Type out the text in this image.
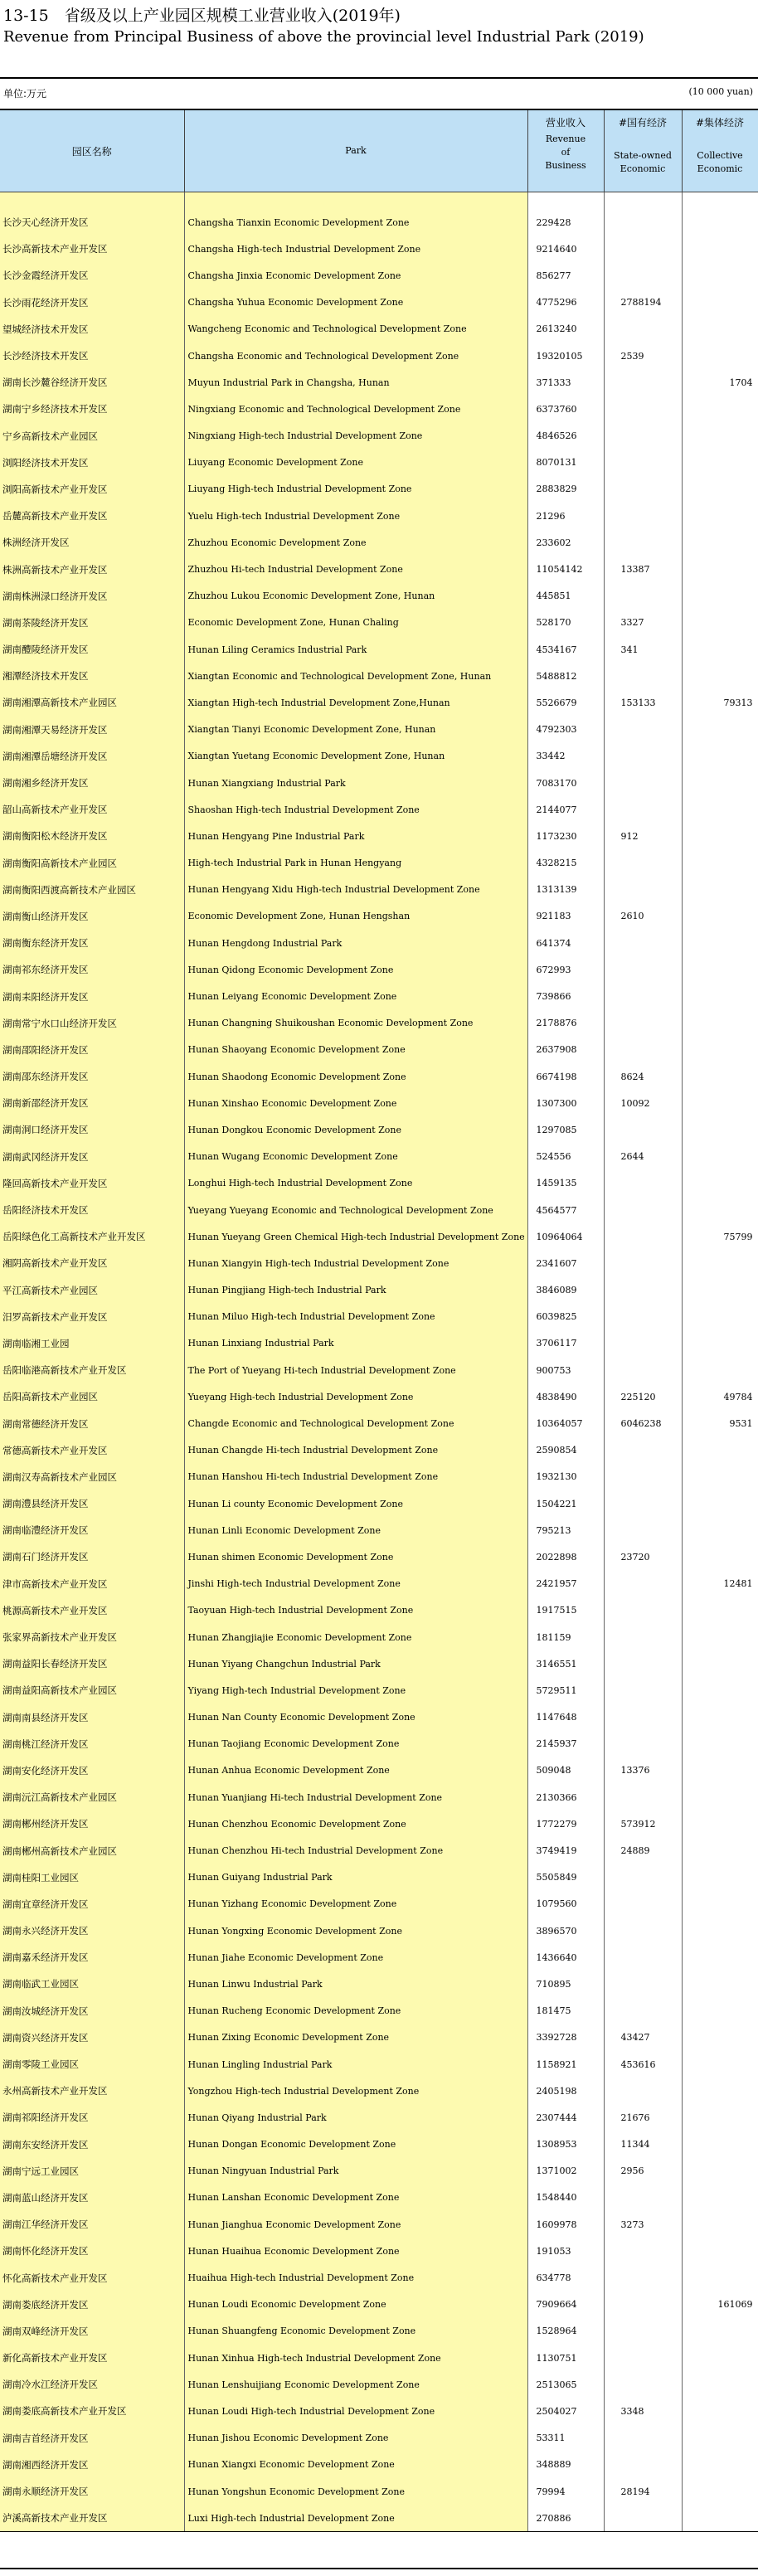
13-15　省级及以上产业园区规模工业营业收入(2019年)
Revenue from Principal Business of above the provincial level Industrial Park (2019)
单位:万元	(10 000 yuan)
园区名称	Park	营业收入
Revenue
of
Business	#国有经济
State-owned
Economic	#集体经济
Collective
Economic

长沙天心经济开发区	Changsha Tianxin Economic Development Zone	229428		
长沙高新技术产业开发区	Changsha High-tech Industrial Development Zone	9214640		
长沙金霞经济开发区	Changsha Jinxia Economic Development Zone	856277		
长沙雨花经济开发区	Changsha Yuhua Economic Development Zone	4775296	2788194	
望城经济技术开发区	Wangcheng Economic and Technological Development Zone	2613240		
长沙经济技术开发区	Changsha Economic and Technological Development Zone	19320105	2539	
湖南长沙麓谷经济开发区	Muyun Industrial Park in Changsha, Hunan	371333		1704
湖南宁乡经济技术开发区	Ningxiang Economic and Technological Development Zone	6373760		
宁乡高新技术产业园区	Ningxiang High-tech Industrial Development Zone	4846526		
浏阳经济技术开发区	Liuyang Economic Development Zone	8070131		
浏阳高新技术产业开发区	Liuyang High-tech Industrial Development Zone	2883829		
岳麓高新技术产业开发区	Yuelu High-tech Industrial Development Zone	21296		
株洲经济开发区	Zhuzhou Economic Development Zone	233602		
株洲高新技术产业开发区	Zhuzhou Hi-tech Industrial Development Zone	11054142	13387	
湖南株洲渌口经济开发区	Zhuzhou Lukou Economic Development Zone, Hunan	445851		
湖南茶陵经济开发区	Economic Development Zone, Hunan Chaling	528170	3327	
湖南醴陵经济开发区	Hunan Liling Ceramics Industrial Park	4534167	341	
湘潭经济技术开发区	Xiangtan Economic and Technological Development Zone, Hunan	5488812		
湖南湘潭高新技术产业园区	Xiangtan High-tech Industrial Development Zone,Hunan	5526679	153133	79313
湖南湘潭天易经济开发区	Xiangtan Tianyi Economic Development Zone, Hunan	4792303		
湖南湘潭岳塘经济开发区	Xiangtan Yuetang Economic Development Zone, Hunan	33442		
湖南湘乡经济开发区	Hunan Xiangxiang Industrial Park	7083170		
韶山高新技术产业开发区	Shaoshan High-tech Industrial Development Zone	2144077		
湖南衡阳松木经济开发区	Hunan Hengyang Pine Industrial Park	1173230	912	
湖南衡阳高新技术产业园区	High-tech Industrial Park in Hunan Hengyang	4328215		
湖南衡阳西渡高新技术产业园区	Hunan Hengyang Xidu High-tech Industrial Development Zone	1313139		
湖南衡山经济开发区	Economic Development Zone, Hunan Hengshan	921183	2610	
湖南衡东经济开发区	Hunan Hengdong Industrial Park	641374		
湖南祁东经济开发区	Hunan Qidong Economic Development Zone	672993		
湖南耒阳经济开发区	Hunan Leiyang Economic Development Zone	739866		
湖南常宁水口山经济开发区	Hunan Changning Shuikoushan Economic Development Zone	2178876		
湖南邵阳经济开发区	Hunan Shaoyang Economic Development Zone	2637908		
湖南邵东经济开发区	Hunan Shaodong Economic Development Zone	6674198	8624	
湖南新邵经济开发区	Hunan Xinshao Economic Development Zone	1307300	10092	
湖南洞口经济开发区	Hunan Dongkou Economic Development Zone	1297085		
湖南武冈经济开发区	Hunan Wugang Economic Development Zone	524556	2644	
隆回高新技术产业开发区	Longhui High-tech Industrial Development Zone	1459135		
岳阳经济技术开发区	Yueyang Yueyang Economic and Technological Development Zone	4564577		
岳阳绿色化工高新技术产业开发区	Hunan Yueyang Green Chemical High-tech Industrial Development Zone	10964064		75799
湘阴高新技术产业开发区	Hunan Xiangyin High-tech Industrial Development Zone	2341607		
平江高新技术产业园区	Hunan Pingjiang High-tech Industrial Park	3846089		
汨罗高新技术产业开发区	Hunan Miluo High-tech Industrial Development Zone	6039825		
湖南临湘工业园	Hunan Linxiang Industrial Park	3706117		
岳阳临港高新技术产业开发区	The Port of Yueyang Hi-tech Industrial Development Zone	900753		
岳阳高新技术产业园区	Yueyang High-tech Industrial Development Zone	4838490	225120	49784
湖南常德经济开发区	Changde Economic and Technological Development Zone	10364057	6046238	9531
常德高新技术产业开发区	Hunan Changde Hi-tech Industrial Development Zone	2590854		
湖南汉寿高新技术产业园区	Hunan Hanshou Hi-tech Industrial Development Zone	1932130		
湖南澧县经济开发区	Hunan Li county Economic Development Zone	1504221		
湖南临澧经济开发区	Hunan Linli Economic Development Zone	795213		
湖南石门经济开发区	Hunan shimen Economic Development Zone	2022898	23720	
津市高新技术产业开发区	Jinshi High-tech Industrial Development Zone	2421957		12481
桃源高新技术产业开发区	Taoyuan High-tech Industrial Development Zone	1917515		
张家界高新技术产业开发区	Hunan Zhangjiajie Economic Development Zone	181159		
湖南益阳长春经济开发区	Hunan Yiyang Changchun Industrial Park	3146551		
湖南益阳高新技术产业园区	Yiyang High-tech Industrial Development Zone	5729511		
湖南南县经济开发区	Hunan Nan County Economic Development Zone	1147648		
湖南桃江经济开发区	Hunan Taojiang Economic Development Zone	2145937		
湖南安化经济开发区	Hunan Anhua Economic Development Zone	509048	13376	
湖南沅江高新技术产业园区	Hunan Yuanjiang Hi-tech Industrial Development Zone	2130366		
湖南郴州经济开发区	Hunan Chenzhou Economic Development Zone	1772279	573912	
湖南郴州高新技术产业园区	Hunan Chenzhou Hi-tech Industrial Development Zone	3749419	24889	
湖南桂阳工业园区	Hunan Guiyang Industrial Park	5505849		
湖南宜章经济开发区	Hunan Yizhang Economic Development Zone	1079560		
湖南永兴经济开发区	Hunan Yongxing Economic Development Zone	3896570		
湖南嘉禾经济开发区	Hunan Jiahe Economic Development Zone	1436640		
湖南临武工业园区	Hunan Linwu Industrial Park	710895		
湖南汝城经济开发区	Hunan Rucheng Economic Development Zone	181475		
湖南资兴经济开发区	Hunan Zixing Economic Development Zone	3392728	43427	
湖南零陵工业园区	Hunan Lingling Industrial Park	1158921	453616	
永州高新技术产业开发区	Yongzhou High-tech Industrial Development Zone	2405198		
湖南祁阳经济开发区	Hunan Qiyang Industrial Park	2307444	21676	
湖南东安经济开发区	Hunan Dongan Economic Development Zone	1308953	11344	
湖南宁远工业园区	Hunan Ningyuan Industrial Park	1371002	2956	
湖南蓝山经济开发区	Hunan Lanshan Economic Development Zone	1548440		
湖南江华经济开发区	Hunan Jianghua Economic Development Zone	1609978	3273	
湖南怀化经济开发区	Hunan Huaihua Economic Development Zone	191053		
怀化高新技术产业开发区	Huaihua High-tech Industrial Development Zone	634778		
湖南娄底经济开发区	Hunan Loudi Economic Development Zone	7909664		161069
湖南双峰经济开发区	Hunan Shuangfeng Economic Development Zone	1528964		
新化高新技术产业开发区	Hunan Xinhua High-tech Industrial Development Zone	1130751		
湖南冷水江经济开发区	Hunan Lenshuijiang Economic Development Zone	2513065		
湖南娄底高新技术产业开发区	Hunan Loudi High-tech Industrial Development Zone	2504027	3348	
湖南吉首经济开发区	Hunan Jishou Economic Development Zone	53311		
湖南湘西经济开发区	Hunan Xiangxi Economic Development Zone	348889		
湖南永顺经济开发区	Hunan Yongshun Economic Development Zone	79994	28194	
泸溪高新技术产业开发区	Luxi High-tech Industrial Development Zone	270886		
